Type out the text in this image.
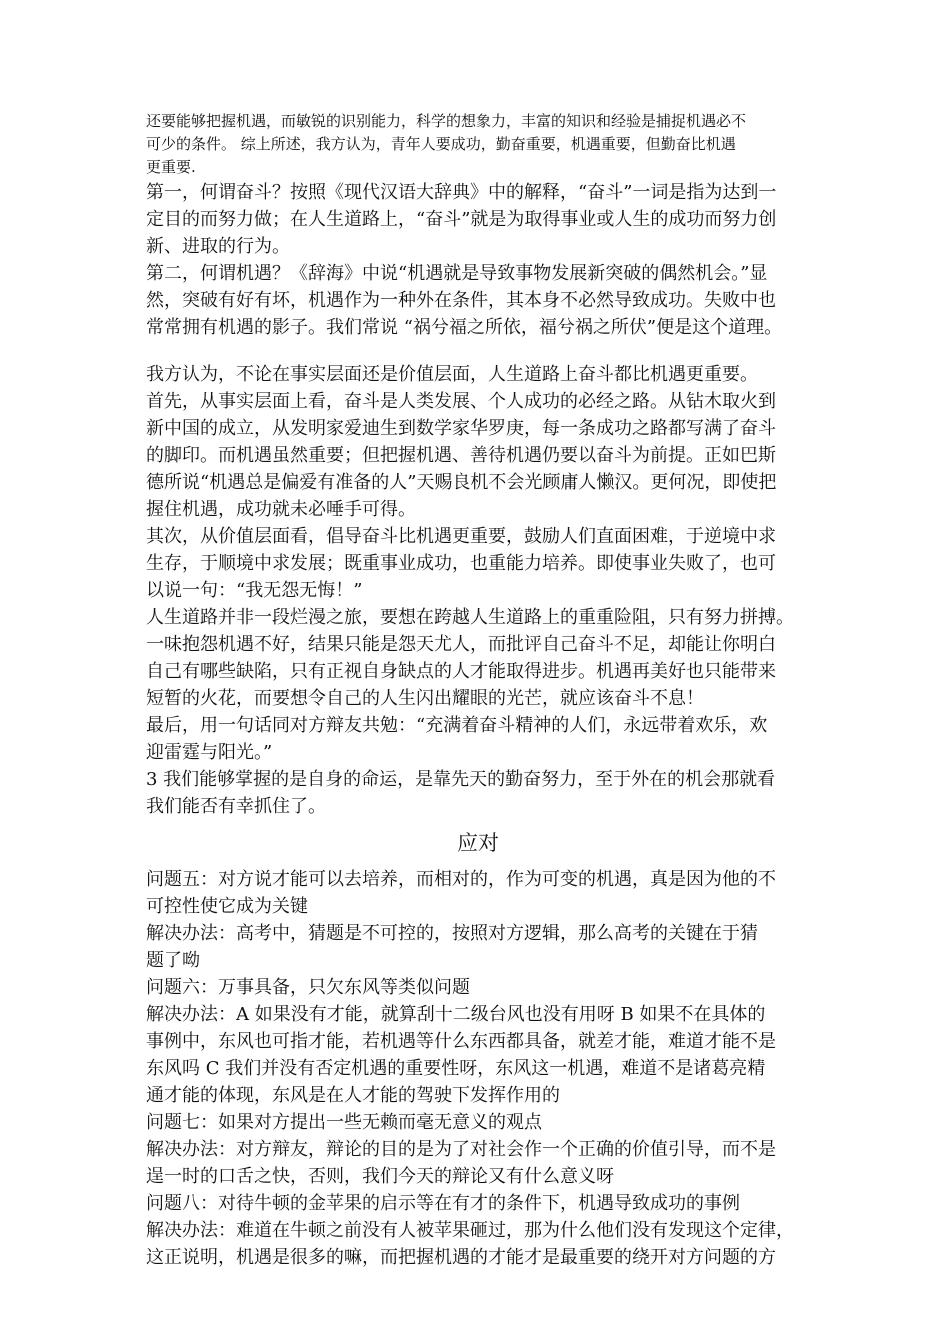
还要能够把握机遇，而敏锐的识别能力，科学的想象力，丰富的知识和经验是捕捉机遇必不
可少的条件。 综上所述，我方认为，青年人要成功，勤奋重要，机遇重要，但勤奋比机遇
更重要.
第一，何谓奋斗？按照《现代汉语大辞典》中的解释，“奋斗”一词是指为达到一
定目的而努力做；在人生道路上，“奋斗”就是为取得事业或人生的成功而努力创
新、进取的行为。
第二，何谓机遇？《辞海》中说“机遇就是导致事物发展新突破的偶然机会。”显
然，突破有好有坏，机遇作为一种外在条件，其本身不必然导致成功。失败中也
常常拥有机遇的影子。我们常说 “祸兮福之所依，福兮祸之所伏”便是这个道理。
我方认为，不论在事实层面还是价值层面，人生道路上奋斗都比机遇更重要。
首先，从事实层面上看，奋斗是人类发展、个人成功的必经之路。从钻木取火到
新中国的成立，从发明家爱迪生到数学家华罗庚，每一条成功之路都写满了奋斗
的脚印。而机遇虽然重要；但把握机遇、善待机遇仍要以奋斗为前提。正如巴斯
德所说“机遇总是偏爱有准备的人”天赐良机不会光顾庸人懒汉。更何况，即使把
握住机遇，成功就未必唾手可得。
其次，从价值层面看，倡导奋斗比机遇更重要，鼓励人们直面困难，于逆境中求
生存，于顺境中求发展；既重事业成功，也重能力培养。即使事业失败了，也可
以说一句：“我无怨无悔！”
人生道路并非一段烂漫之旅，要想在跨越人生道路上的重重险阻，只有努力拼搏。
一味抱怨机遇不好，结果只能是怨天尤人，而批评自己奋斗不足，却能让你明白
自己有哪些缺陷，只有正视自身缺点的人才能取得进步。机遇再美好也只能带来
短暂的火花，而要想令自己的人生闪出耀眼的光芒，就应该奋斗不息！
最后，用一句话同对方辩友共勉：“充满着奋斗精神的人们，永远带着欢乐，欢
迎雷霆与阳光。”
3 我们能够掌握的是自身的命运，是靠先天的勤奋努力，至于外在的机会那就看
我们能否有幸抓住了。
应对
问题五：对方说才能可以去培养，而相对的，作为可变的机遇，真是因为他的不
可控性使它成为关键
解决办法：高考中，猜题是不可控的，按照对方逻辑，那么高考的关键在于猜
题了呦
问题六：万事具备，只欠东风等类似问题
解决办法：A 如果没有才能，就算刮十二级台风也没有用呀 B 如果不在具体的
事例中，东风也可指才能，若机遇等什么东西都具备，就差才能，难道才能不是
东风吗 C 我们并没有否定机遇的重要性呀，东风这一机遇，难道不是诸葛亮精
通才能的体现，东风是在人才能的驾驶下发挥作用的
问题七：如果对方提出一些无赖而毫无意义的观点
解决办法：对方辩友，辩论的目的是为了对社会作一个正确的价值引导，而不是
逞一时的口舌之快，否则，我们今天的辩论又有什么意义呀
问题八：对待牛顿的金苹果的启示等在有才的条件下，机遇导致成功的事例
解决办法：难道在牛顿之前没有人被苹果砸过，那为什么他们没有发现这个定律，
这正说明，机遇是很多的嘛，而把握机遇的才能才是最重要的绕开对方问题的方
